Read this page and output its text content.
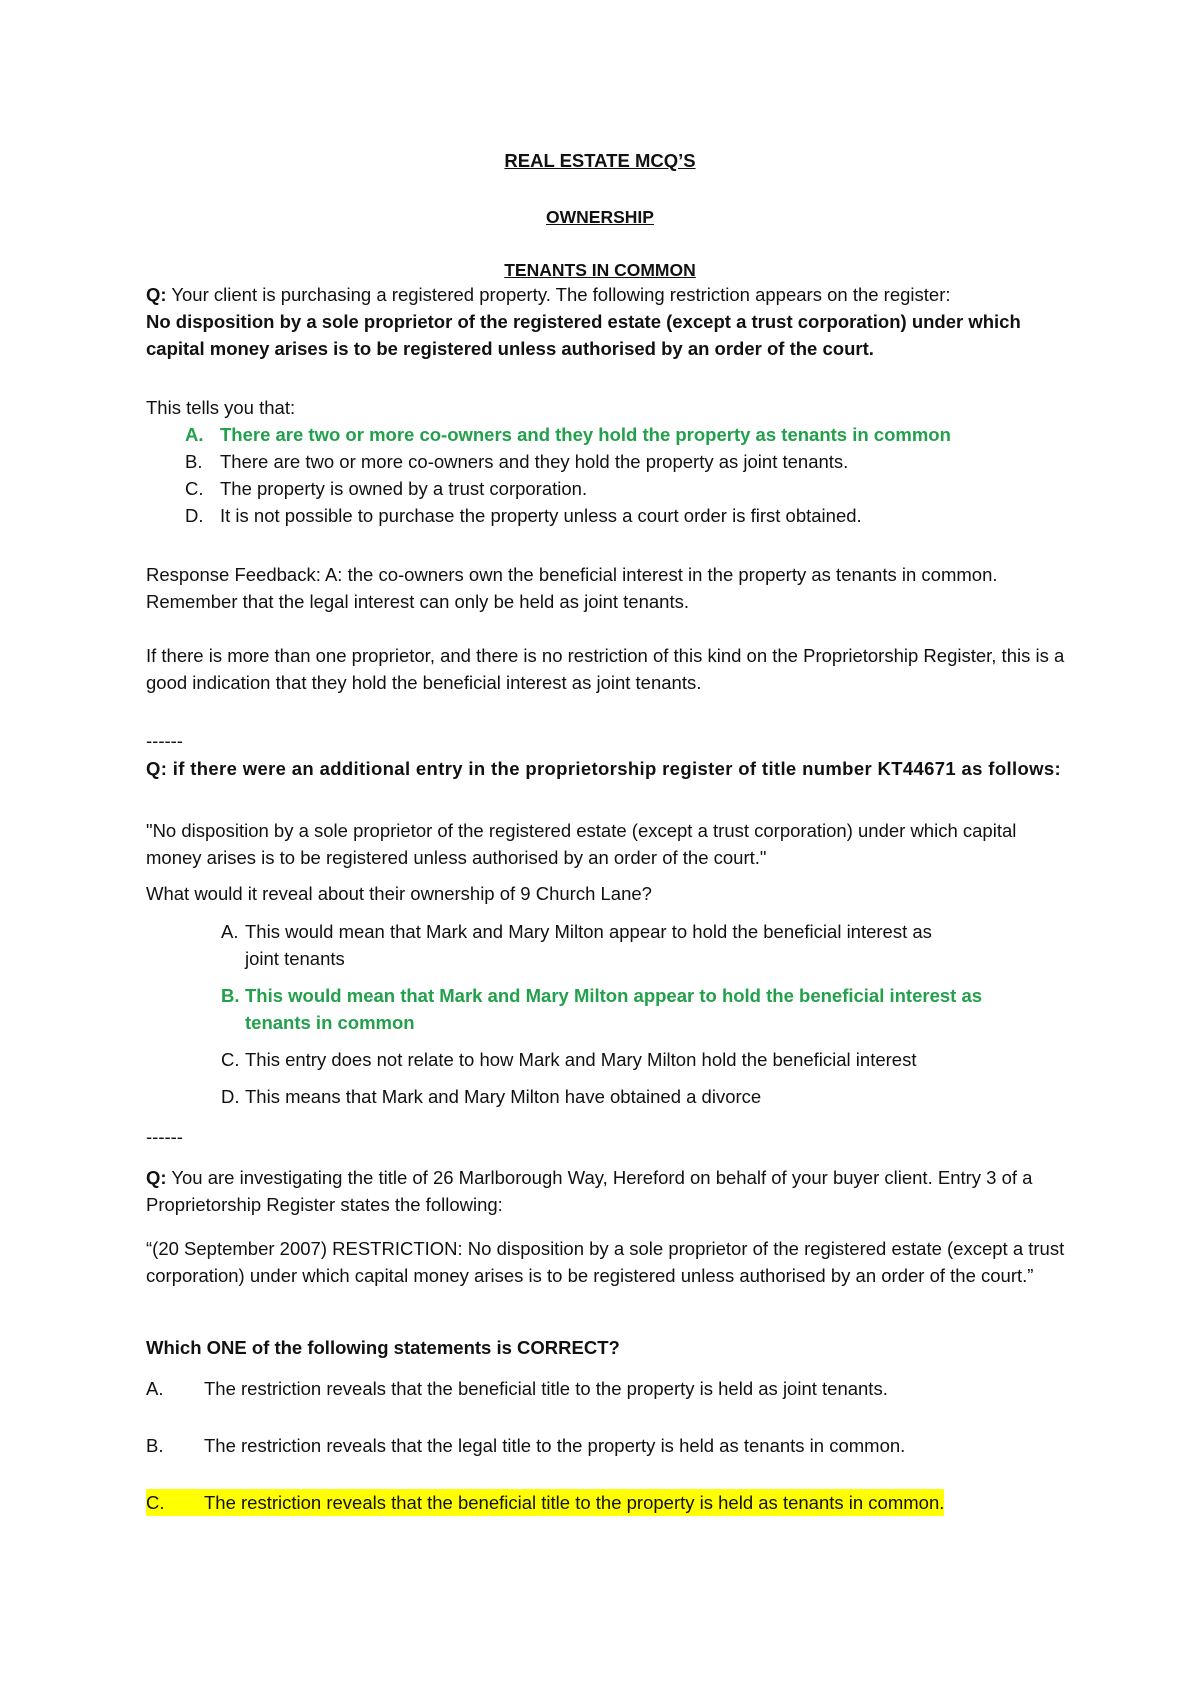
REAL ESTATE MCQ’S
OWNERSHIP
TENANTS IN COMMON
Q: Your client is purchasing a registered property. The following restriction appears on the register:
No disposition by a sole proprietor of the registered estate (except a trust corporation) under which capital money arises is to be registered unless authorised by an order of the court.
This tells you that:
A. There are two or more co-owners and they hold the property as tenants in common
B. There are two or more co-owners and they hold the property as joint tenants.
C. The property is owned by a trust corporation.
D. It is not possible to purchase the property unless a court order is first obtained.
Response Feedback: A: the co-owners own the beneficial interest in the property as tenants in common. Remember that the legal interest can only be held as joint tenants.
If there is more than one proprietor, and there is no restriction of this kind on the Proprietorship Register, this is a good indication that they hold the beneficial interest as joint tenants.
------
Q: if there were an additional entry in the proprietorship register of title number KT44671 as follows:
"No disposition by a sole proprietor of the registered estate (except a trust corporation) under which capital money arises is to be registered unless authorised by an order of the court."
What would it reveal about their ownership of 9 Church Lane?
A. This would mean that Mark and Mary Milton appear to hold the beneficial interest as
joint tenants
B. This would mean that Mark and Mary Milton appear to hold the beneficial interest as
tenants in common
C. This entry does not relate to how Mark and Mary Milton hold the beneficial interest
D. This means that Mark and Mary Milton have obtained a divorce
------
Q: You are investigating the title of 26 Marlborough Way, Hereford on behalf of your buyer client. Entry 3 of a Proprietorship Register states the following:
“(20 September 2007) RESTRICTION: No disposition by a sole proprietor of the registered estate (except a trust corporation) under which capital money arises is to be registered unless authorised by an order of the court.”
Which ONE of the following statements is CORRECT?
A. The restriction reveals that the beneficial title to the property is held as joint tenants.
B. The restriction reveals that the legal title to the property is held as tenants in common.
C. The restriction reveals that the beneficial title to the property is held as tenants in common.
